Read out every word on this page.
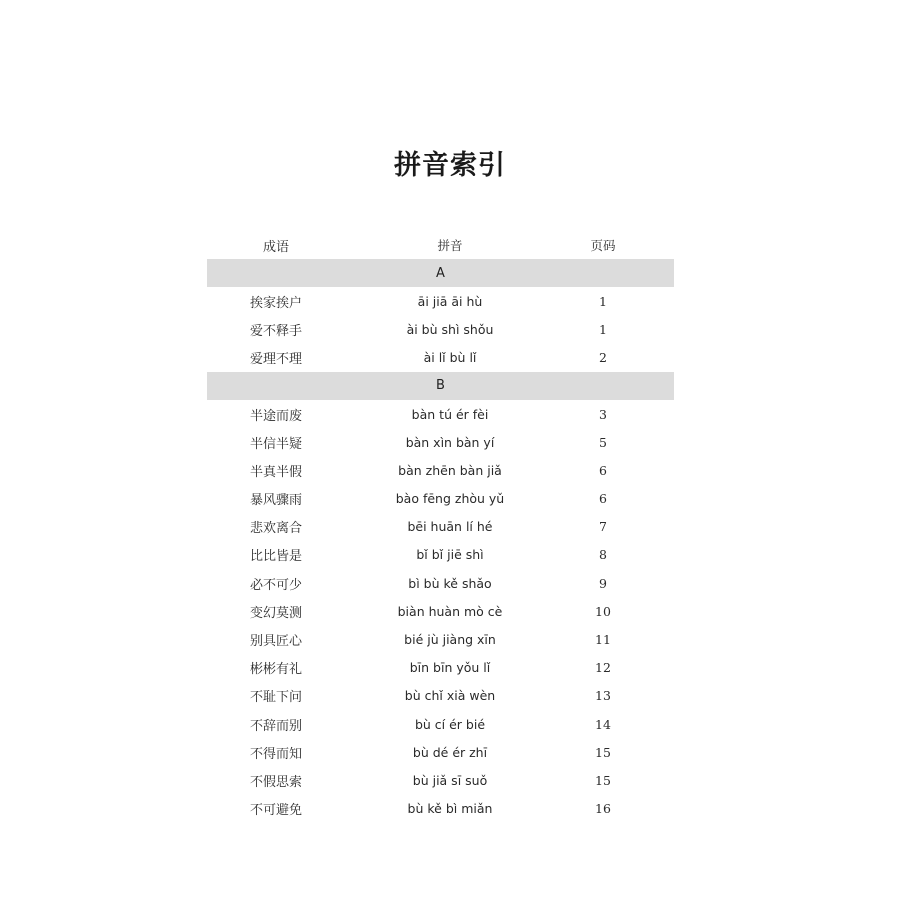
拼音索引
成语	拼音	页码
A
挨家挨户	āi jiā āi hù	1
爱不释手	ài bù shì shǒu	1
爱理不理	ài lǐ bù lǐ	2
B
半途而废	bàn tú ér fèi	3
半信半疑	bàn xìn bàn yí	5
半真半假	bàn zhēn bàn jiǎ	6
暴风骤雨	bào fēng zhòu yǔ	6
悲欢离合	bēi huān lí hé	7
比比皆是	bǐ bǐ jiē shì	8
必不可少	bì bù kě shǎo	9
变幻莫测	biàn huàn mò cè	10
别具匠心	bié jù jiàng xīn	11
彬彬有礼	bīn bīn yǒu lǐ	12
不耻下问	bù chǐ xià wèn	13
不辞而别	bù cí ér bié	14
不得而知	bù dé ér zhī	15
不假思索	bù jiǎ sī suǒ	15
不可避免	bù kě bì miǎn	16
